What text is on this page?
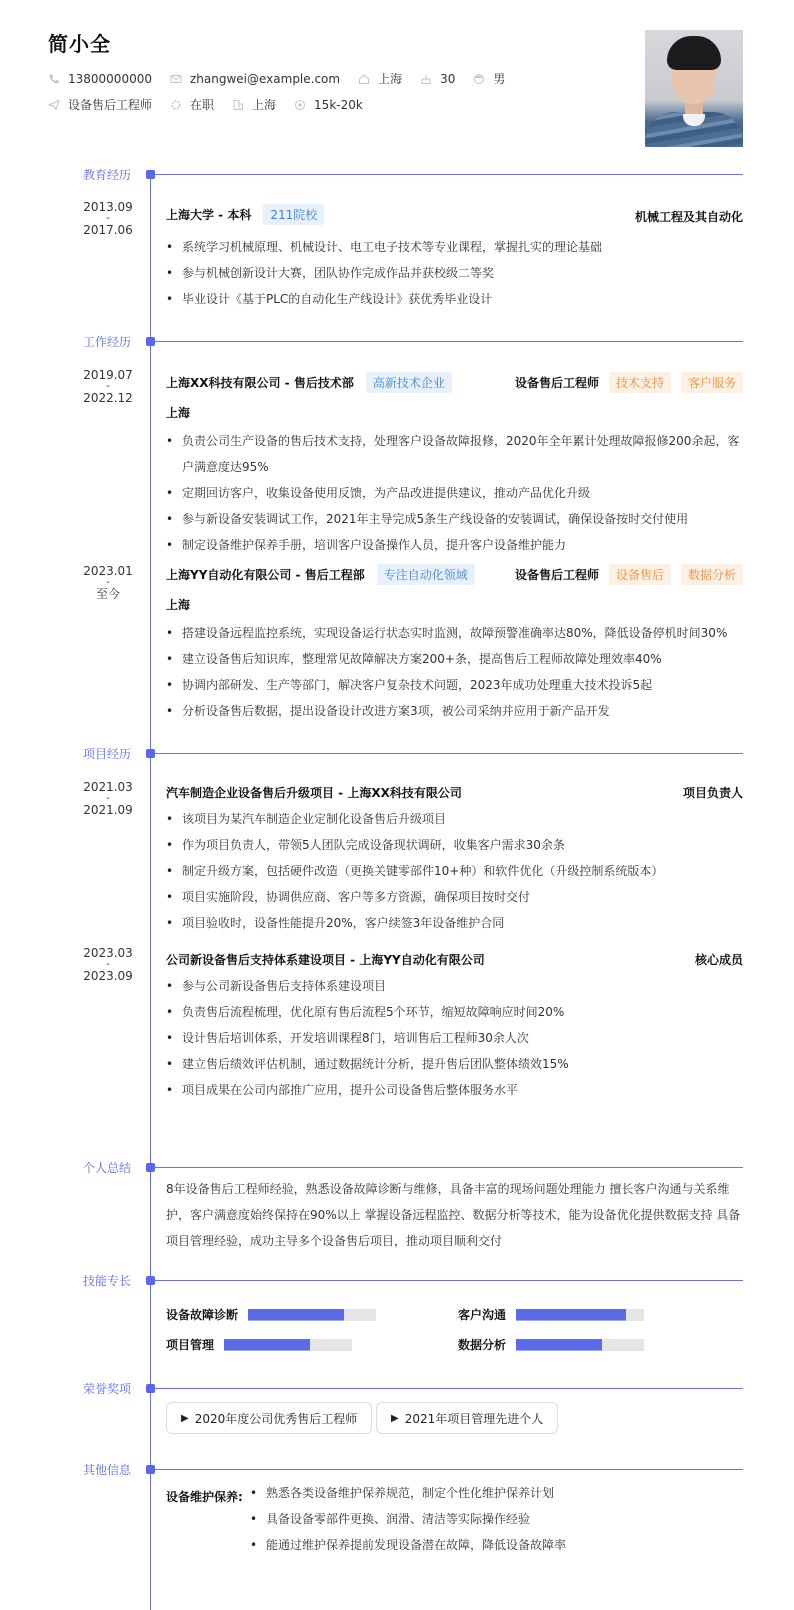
简小全
13800000000	zhangwei@example.com	上海	30	男
设备售后工程师	在职	上海	15k-20k
教育经历
2013.09
-
2017.06
上海大学 - 本科	211院校	机械工程及其自动化
• 系统学习机械原理、机械设计、电工电子技术等专业课程，掌握扎实的理论基础
• 参与机械创新设计大赛，团队协作完成作品并获校级二等奖
• 毕业设计《基于PLC的自动化生产线设计》获优秀毕业设计
工作经历
2019.07
-
2022.12
上海XX科技有限公司 - 售后技术部	高新技术企业	设备售后工程师	技术支持	客户服务
上海
• 负责公司生产设备的售后技术支持，处理客户设备故障报修，2020年全年累计处理故障报修200余起，客户满意度达95%
• 定期回访客户，收集设备使用反馈，为产品改进提供建议，推动产品优化升级
• 参与新设备安装调试工作，2021年主导完成5条生产线设备的安装调试，确保设备按时交付使用
• 制定设备维护保养手册，培训客户设备操作人员，提升客户设备维护能力
2023.01
-
至今
上海YY自动化有限公司 - 售后工程部	专注自动化领域	设备售后工程师	设备售后	数据分析
上海
• 搭建设备远程监控系统，实现设备运行状态实时监测，故障预警准确率达80%，降低设备停机时间30%
• 建立设备售后知识库，整理常见故障解决方案200+条，提高售后工程师故障处理效率40%
• 协调内部研发、生产等部门，解决客户复杂技术问题，2023年成功处理重大技术投诉5起
• 分析设备售后数据，提出设备设计改进方案3项，被公司采纳并应用于新产品开发
项目经历
2021.03
-
2021.09
汽车制造企业设备售后升级项目 - 上海XX科技有限公司	项目负责人
• 该项目为某汽车制造企业定制化设备售后升级项目
• 作为项目负责人，带领5人团队完成设备现状调研，收集客户需求30余条
• 制定升级方案，包括硬件改造（更换关键零部件10+种）和软件优化（升级控制系统版本）
• 项目实施阶段，协调供应商、客户等多方资源，确保项目按时交付
• 项目验收时，设备性能提升20%，客户续签3年设备维护合同
2023.03
-
2023.09
公司新设备售后支持体系建设项目 - 上海YY自动化有限公司	核心成员
• 参与公司新设备售后支持体系建设项目
• 负责售后流程梳理，优化原有售后流程5个环节，缩短故障响应时间20%
• 设计售后培训体系，开发培训课程8门，培训售后工程师30余人次
• 建立售后绩效评估机制，通过数据统计分析，提升售后团队整体绩效15%
• 项目成果在公司内部推广应用，提升公司设备售后整体服务水平
个人总结
8年设备售后工程师经验，熟悉设备故障诊断与维修，具备丰富的现场问题处理能力 擅长客户沟通与关系维护，客户满意度始终保持在90%以上 掌握设备远程监控、数据分析等技术，能为设备优化提供数据支持 具备项目管理经验，成功主导多个设备售后项目，推动项目顺利交付
技能专长
设备故障诊断	客户沟通
项目管理	数据分析
荣誉奖项
▶ 2020年度公司优秀售后工程师	▶ 2021年项目管理先进个人
其他信息
设备维护保养:	• 熟悉各类设备维护保养规范，制定个性化维护保养计划
• 具备设备零部件更换、润滑、清洁等实际操作经验
• 能通过维护保养提前发现设备潜在故障，降低设备故障率
